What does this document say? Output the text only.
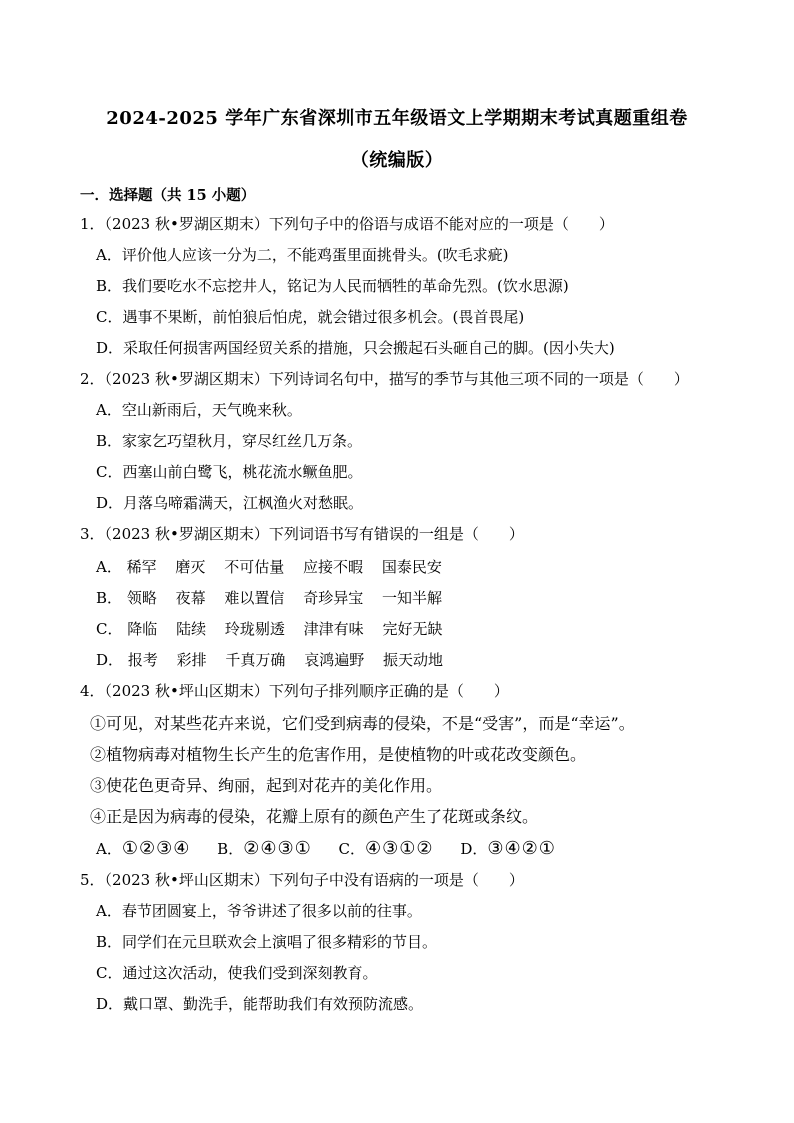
2024-2025 学年广东省深圳市五年级语文上学期期末考试真题重组卷
（统编版）
一．选择题（共 15 小题）
1．（2023 秋•罗湖区期末）下列句子中的俗语与成语不能对应的一项是（　　）
A．评价他人应该一分为二，不能鸡蛋里面挑骨头。(吹毛求疵)
B．我们要吃水不忘挖井人，铭记为人民而牺牲的革命先烈。(饮水思源)
C．遇事不果断，前怕狼后怕虎，就会错过很多机会。(畏首畏尾)
D．采取任何损害两国经贸关系的措施，只会搬起石头砸自己的脚。(因小失大)
2．（2023 秋•罗湖区期末）下列诗词名句中，描写的季节与其他三项不同的一项是（　　）
A．空山新雨后，天气晚来秋。
B．家家乞巧望秋月，穿尽红丝几万条。
C．西塞山前白鹭飞，桃花流水鳜鱼肥。
D．月落乌啼霜满天，江枫渔火对愁眠。
3．（2023 秋•罗湖区期末）下列词语书写有错误的一组是（　　）
A． 稀罕 磨灭 不可估量 应接不暇 国泰民安
B． 领略 夜幕 难以置信 奇珍异宝 一知半解
C． 降临 陆续 玲珑剔透 津津有味 完好无缺
D． 报考 彩排 千真万确 哀鸿遍野 振天动地
4．（2023 秋•坪山区期末）下列句子排列顺序正确的是（　　）
①可见，对某些花卉来说，它们受到病毒的侵染，不是“受害”，而是“幸运”。
②植物病毒对植物生长产生的危害作用，是使植物的叶或花改变颜色。
③使花色更奇异、绚丽，起到对花卉的美化作用。
④正是因为病毒的侵染，花瓣上原有的颜色产生了花斑或条纹。
A．①②③④ B．②④③① C．④③①② D．③④②①
5．（2023 秋•坪山区期末）下列句子中没有语病的一项是（　　）
A．春节团圆宴上，爷爷讲述了很多以前的往事。
B．同学们在元旦联欢会上演唱了很多精彩的节目。
C．通过这次活动，使我们受到深刻教育。
D．戴口罩、勤洗手，能帮助我们有效预防流感。
